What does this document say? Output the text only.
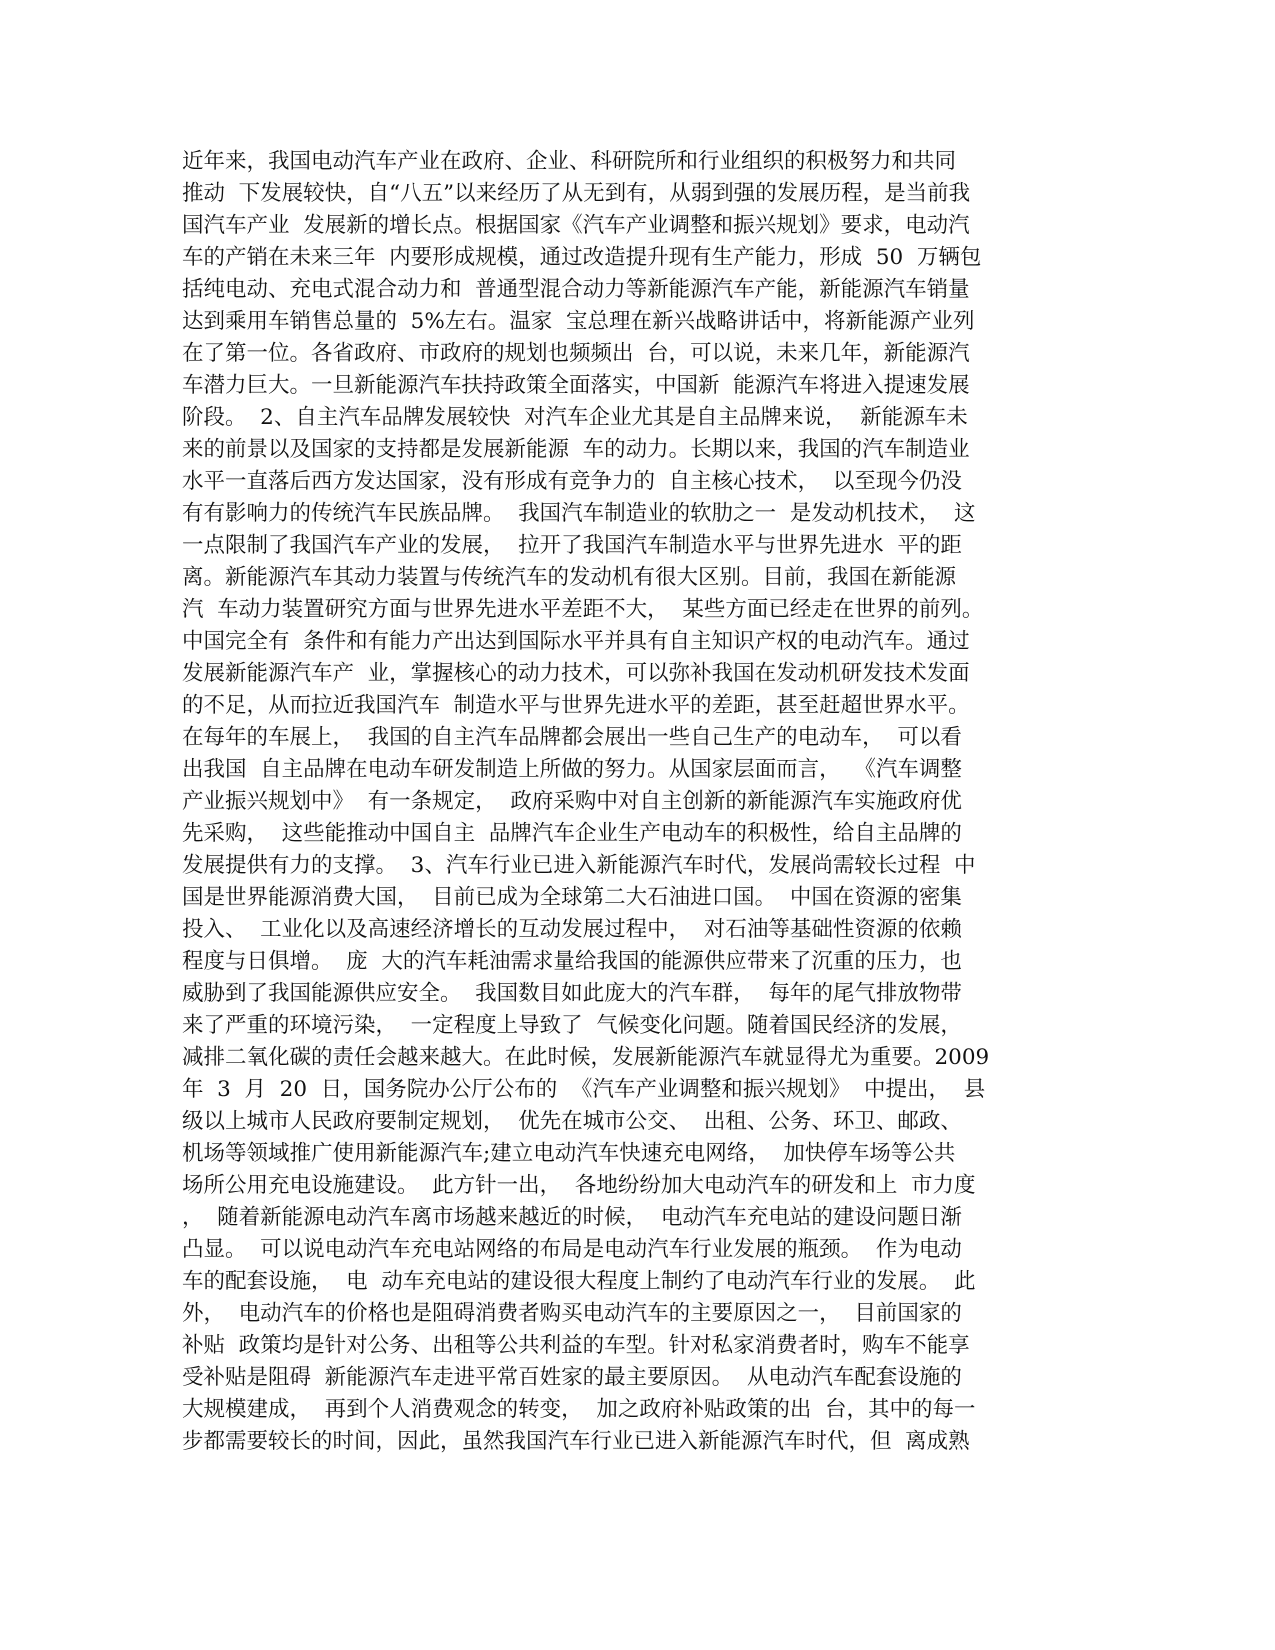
近年来，我国电动汽车产业在政府、企业、科研院所和行业组织的积极努力和共同
推动  下发展较快，自“八五”以来经历了从无到有，从弱到强的发展历程，是当前我
国汽车产业  发展新的增长点。根据国家《汽车产业调整和振兴规划》要求，电动汽
车的产销在未来三年  内要形成规模，通过改造提升现有生产能力，形成  50  万辆包
括纯电动、充电式混合动力和  普通型混合动力等新能源汽车产能，新能源汽车销量
达到乘用车销售总量的  5%左右。温家  宝总理在新兴战略讲话中，将新能源产业列
在了第一位。各省政府、市政府的规划也频频出  台，可以说，未来几年，新能源汽
车潜力巨大。一旦新能源汽车扶持政策全面落实，中国新  能源汽车将进入提速发展
阶段。  2、自主汽车品牌发展较快  对汽车企业尤其是自主品牌来说，  新能源车未
来的前景以及国家的支持都是发展新能源  车的动力。长期以来，我国的汽车制造业
水平一直落后西方发达国家，没有形成有竞争力的  自主核心技术，  以至现今仍没
有有影响力的传统汽车民族品牌。  我国汽车制造业的软肋之一  是发动机技术，  这
一点限制了我国汽车产业的发展，  拉开了我国汽车制造水平与世界先进水  平的距
离。新能源汽车其动力装置与传统汽车的发动机有很大区别。目前，我国在新能源
汽  车动力装置研究方面与世界先进水平差距不大，  某些方面已经走在世界的前列。
中国完全有  条件和有能力产出达到国际水平并具有自主知识产权的电动汽车。通过
发展新能源汽车产  业，掌握核心的动力技术，可以弥补我国在发动机研发技术发面
的不足，从而拉近我国汽车  制造水平与世界先进水平的差距，甚至赶超世界水平。
在每年的车展上，  我国的自主汽车品牌都会展出一些自己生产的电动车，  可以看
出我国  自主品牌在电动车研发制造上所做的努力。从国家层面而言，  《汽车调整
产业振兴规划中》  有一条规定，  政府采购中对自主创新的新能源汽车实施政府优
先采购，  这些能推动中国自主  品牌汽车企业生产电动车的积极性，给自主品牌的
发展提供有力的支撑。  3、汽车行业已进入新能源汽车时代，发展尚需较长过程  中
国是世界能源消费大国，  目前已成为全球第二大石油进口国。  中国在资源的密集
投入、  工业化以及高速经济增长的互动发展过程中，  对石油等基础性资源的依赖
程度与日俱增。  庞  大的汽车耗油需求量给我国的能源供应带来了沉重的压力，也
威胁到了我国能源供应安全。  我国数目如此庞大的汽车群，  每年的尾气排放物带
来了严重的环境污染，  一定程度上导致了  气候变化问题。随着国民经济的发展，
减排二氧化碳的责任会越来越大。在此时候，发展新能源汽车就显得尤为重要。2009
年  3  月  20  日，国务院办公厅公布的  《汽车产业调整和振兴规划》  中提出，  县
级以上城市人民政府要制定规划，  优先在城市公交、  出租、公务、环卫、邮政、
机场等领域推广使用新能源汽车;建立电动汽车快速充电网络，  加快停车场等公共
场所公用充电设施建设。  此方针一出，  各地纷纷加大电动汽车的研发和上  市力度
，  随着新能源电动汽车离市场越来越近的时候，  电动汽车充电站的建设问题日渐
凸显。  可以说电动汽车充电站网络的布局是电动汽车行业发展的瓶颈。  作为电动
车的配套设施，  电  动车充电站的建设很大程度上制约了电动汽车行业的发展。  此
外，  电动汽车的价格也是阻碍消费者购买电动汽车的主要原因之一，  目前国家的
补贴  政策均是针对公务、出租等公共利益的车型。针对私家消费者时，购车不能享
受补贴是阻碍  新能源汽车走进平常百姓家的最主要原因。  从电动汽车配套设施的
大规模建成，  再到个人消费观念的转变，  加之政府补贴政策的出  台，其中的每一
步都需要较长的时间，因此，虽然我国汽车行业已进入新能源汽车时代，但  离成熟
